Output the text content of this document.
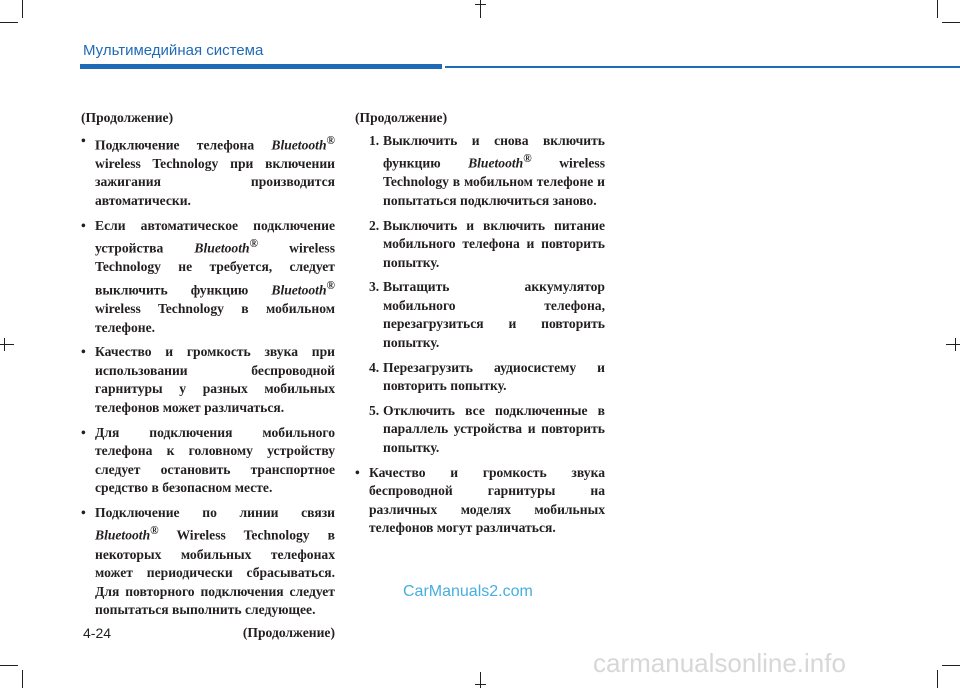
Мультимедийная система
(Продолжение)
• Подключение телефона Bluetooth® wireless Technology при включении зажигания производится автоматически.
• Если автоматическое подключение устройства Bluetooth® wireless Technology не требуется, следует выключить функцию Bluetooth® wireless Technology в мобильном телефоне.
• Качество и громкость звука при использовании беспроводной гарнитуры у разных мобильных телефонов может различаться.
• Для подключения мобильного телефона к головному устройству следует остановить транспортное средство в безопасном месте.
• Подключение по линии связи Bluetooth® Wireless Technology в некоторых мобильных телефонах может периодически сбрасываться. Для повторного подключения следует попытаться выполнить следующее.
(Продолжение)
(Продолжение)
1. Выключить и снова включить функцию Bluetooth® wireless Technology в мобильном телефоне и попытаться подключиться заново.
2. Выключить и включить питание мобильного телефона и повторить попытку.
3. Вытащить аккумулятор мобильного телефона, перезагрузиться и повторить попытку.
4. Перезагрузить аудиосистему и повторить попытку.
5. Отключить все подключенные в параллель устройства и повторить попытку.
• Качество и громкость звука беспроводной гарнитуры на различных моделях мобильных телефонов могут различаться.
CarManuals2.com
4-24
carmanualsonline.info
